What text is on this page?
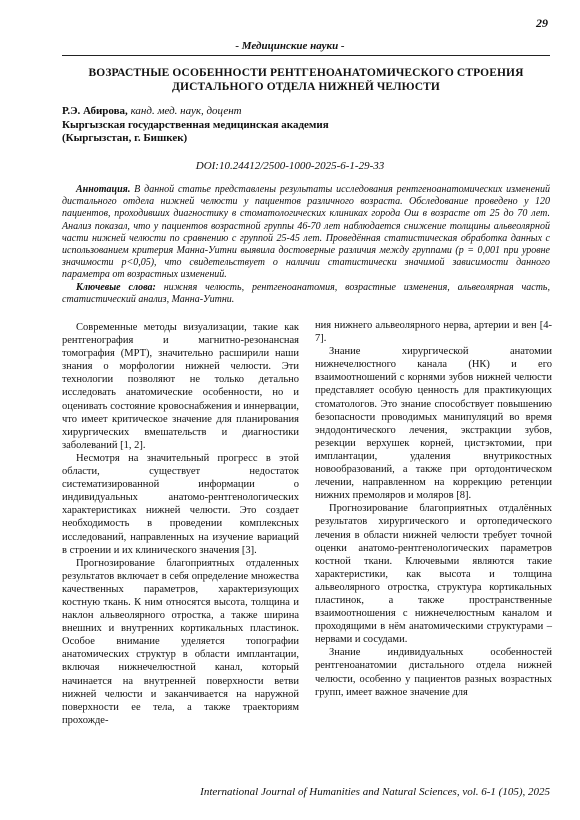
29
- Медицинские науки -
ВОЗРАСТНЫЕ ОСОБЕННОСТИ РЕНТГЕНОАНАТОМИЧЕСКОГО СТРОЕНИЯ ДИСТАЛЬНОГО ОТДЕЛА НИЖНЕЙ ЧЕЛЮСТИ
Р.Э. Абирова, канд. мед. наук, доцент
Кыргызская государственная медицинская академия
(Кыргызстан, г. Бишкек)
DOI:10.24412/2500-1000-2025-6-1-29-33
Аннотация. В данной статье представлены результаты исследования рентгеноанатомических изменений дистального отдела нижней челюсти у пациентов различного возраста. Обследование проведено у 120 пациентов, проходивших диагностику в стоматологических клиниках города Ош в возрасте от 25 до 70 лет. Анализ показал, что у пациентов возрастной группы 46-70 лет наблюдается снижение толщины альвеолярной части нижней челюсти по сравнению с группой 25-45 лет. Проведённая статистическая обработка данных с использованием критерия Манна-Уитни выявила достоверные различия между группами (p = 0,001 при уровне значимости p<0,05), что свидетельствует о наличии статистически значимой зависимости данного параметра от возрастных изменений.
Ключевые слова: нижняя челюсть, рентгеноанатомия, возрастные изменения, альвеолярная часть, статистический анализ, Манна-Уитни.

Современные методы визуализации, такие как рентгенография и магнитно-резонансная томография (МРТ), значительно расширили наши знания о морфологии нижней челюсти. Эти технологии позволяют не только детально исследовать анатомические особенности, но и оценивать состояние кровоснабжения и иннервации, что имеет критическое значение для планирования хирургических вмешательств и диагностики заболеваний [1, 2].

Несмотря на значительный прогресс в этой области, существует недостаток систематизированной информации о индивидуальных анатомо-рентгенологических характеристиках нижней челюсти. Это создает необходимость в проведении комплексных исследований, направленных на изучение вариаций в строении и их клинического значения [3].

Прогнозирование благоприятных отдаленных результатов включает в себя определение множества качественных параметров, характеризующих костную ткань. К ним относятся высота, толщина и наклон альвеолярного отростка, а также ширина внешних и внутренних кортикальных пластинок. Особое внимание уделяется топографии анатомических структур в области имплантации, включая нижнечелюстной канал, который начинается на внутренней поверхности ветви нижней челюсти и заканчивается на наружной поверхности ее тела, а также траекториям прохожде-

ния нижнего альвеолярного нерва, артерии и вен [4-7].

Знание хирургической анатомии нижнечелюстного канала (НК) и его взаимоотношений с корнями зубов нижней челюсти представляет особую ценность для практикующих стоматологов. Это знание способствует повышению безопасности проводимых манипуляций во время эндодонтического лечения, экстракции зубов, резекции верхушек корней, цистэктомии, при имплантации, удаления внутрикостных новообразований, а также при ортодонтическом лечении, направленном на коррекцию ретенции нижних премоляров и моляров [8].

Прогнозирование благоприятных отдалённых результатов хирургического и ортопедического лечения в области нижней челюсти требует точной оценки анатомо-рентгенологических параметров костной ткани. Ключевыми являются такие характеристики, как высота и толщина альвеолярного отростка, структура кортикальных пластинок, а также пространственные взаимоотношения с нижнечелюстным каналом и проходящими в нём анатомическими структурами – нервами и сосудами.

Знание индивидуальных особенностей рентгеноанатомии дистального отдела нижней челюсти, особенно у пациентов разных возрастных групп, имеет важное значение для

International Journal of Humanities and Natural Sciences, vol. 6-1 (105), 2025
